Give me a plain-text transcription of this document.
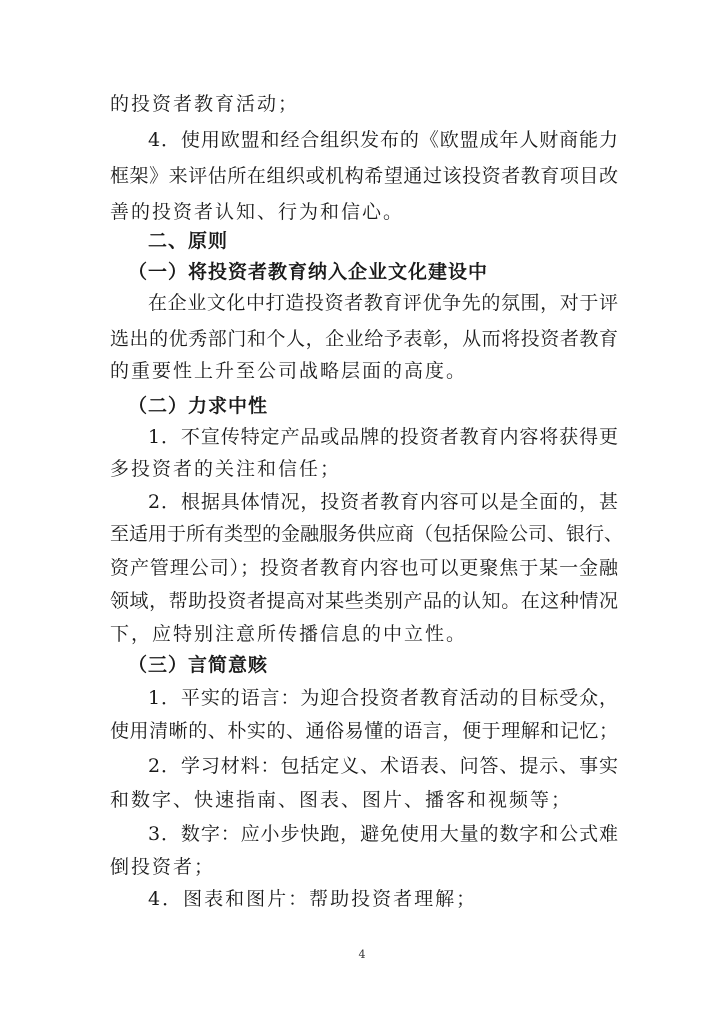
的投资者教育活动；
4．使用欧盟和经合组织发布的《欧盟成年人财商能力
框架》来评估所在组织或机构希望通过该投资者教育项目改
善的投资者认知、行为和信心。
二、原则
（一）将投资者教育纳入企业文化建设中
在企业文化中打造投资者教育评优争先的氛围，对于评
选出的优秀部门和个人，企业给予表彰，从而将投资者教育
的重要性上升至公司战略层面的高度。
（二）力求中性
1．不宣传特定产品或品牌的投资者教育内容将获得更
多投资者的关注和信任；
2．根据具体情况，投资者教育内容可以是全面的，甚
至适用于所有类型的金融服务供应商（包括保险公司、银行、
资产管理公司）；投资者教育内容也可以更聚焦于某一金融
领域，帮助投资者提高对某些类别产品的认知。在这种情况
下，应特别注意所传播信息的中立性。
（三）言简意赅
1．平实的语言：为迎合投资者教育活动的目标受众，
使用清晰的、朴实的、通俗易懂的语言，便于理解和记忆；
2．学习材料：包括定义、术语表、问答、提示、事实
和数字、快速指南、图表、图片、播客和视频等；
3．数字：应小步快跑，避免使用大量的数字和公式难
倒投资者；
4．图表和图片：帮助投资者理解；
4
